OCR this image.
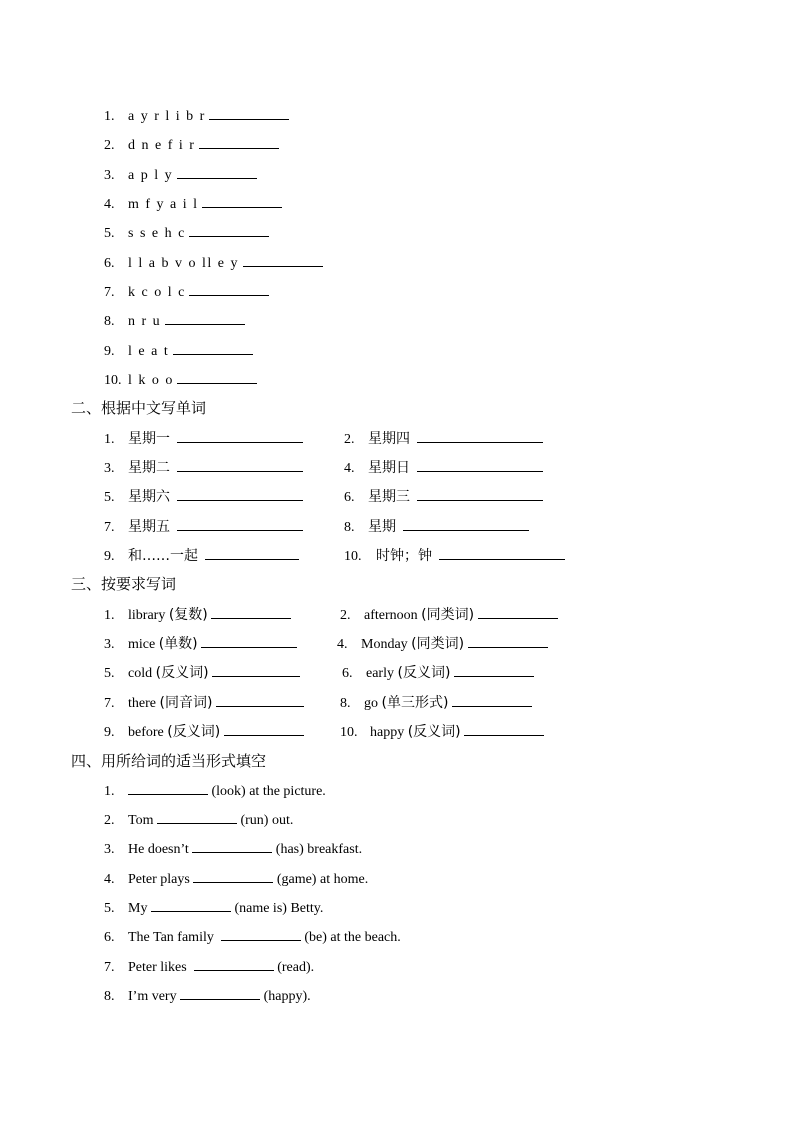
1. a y r l i b r
2. d n e f i r
3. a p l y
4. m f y a i l
5. s s e h c
6. l l a b v o ll e y
7. k c o l c
8. n r u
9. l e a t
10. l k o o
二、根据中文写单词
1. 星期一	2. 星期四
3. 星期二	4. 星期日
5. 星期六	6. 星期三
7. 星期五	8. 星期
9. 和……一起	10. 时钟；钟
三、按要求写词
1. library (复数)	2. afternoon (同类词)
3. mice (单数)	4. Monday (同类词)
5. cold (反义词)	6. early (反义词)
7. there (同音词)	8. go (单三形式)
9. before (反义词)	10. happy (反义词)
四、用所给词的适当形式填空
1.	(look) at the picture.
2. Tom	(run) out.
3. He doesn’t	(has) breakfast.
4. Peter plays	(game) at home.
5. My	(name is) Betty.
6. The Tan family	(be) at the beach.
7. Peter likes	(read).
8. I’m very	(happy).
